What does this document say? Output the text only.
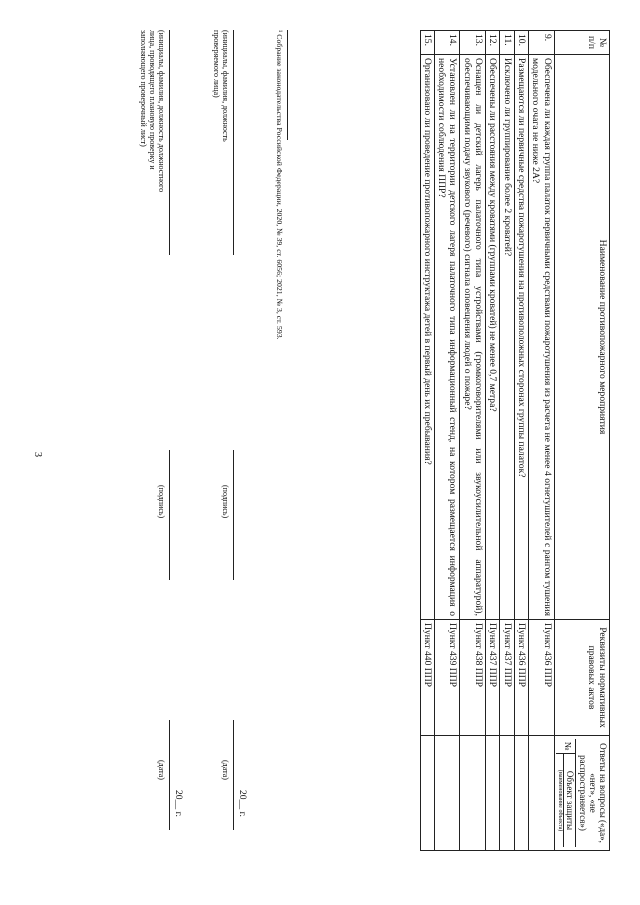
3
№ п/п	Наименование противопожарного мероприятия	Реквизиты нормативных правовых актов	Ответы на вопросы («да», «нет», «не распространяется»)
№
Объект защиты
(наименование объекта)

9.	Обеспечена ли каждая группа палаток первичными средствами пожаротушения из расчета не менее 4 огнетушителей с рангом тушения модельного очага не ниже 2А?	Пункт 436 ППР	
10.	Размещаются ли первичные средства пожаротушения на противоположных сторонах группы палаток?	Пункт 436 ППР	
11.	Исключено ли группирование более 2 кроватей?	Пункт 437 ППР	
12.	Обеспечены ли расстояния между кроватями (группами кроватей) не менее 0,7 метра?	Пункт 437 ППР	
13.	Оснащен ли детский лагерь палаточного типа устройствами (громкоговорителями или звукоусилительной аппаратурой), обеспечивающими подачу звукового (речевого) сигнала оповещения людей о пожаре?	Пункт 438 ППР	
14.	Установлен ли на территории детского лагеря палаточного типа информационный стенд, на котором размещается информация о необходимости соблюдения ППР?	Пункт 439 ППР	
15.	Организовано ли проведение противопожарного инструктажа детей в первый день их пребывания?	Пункт 440 ППР	
¹ Собрание законодательства Российской Федерации, 2020, № 39, ст. 6056; 2021, № 3, ст. 593.
(инициалы, фамилия, должность проверяемого лица)
(подпись)
(дата)
20__ г.
(инициалы, фамилия, должность должностного лица, проводящего плановую проверку и заполняющего проверочный лист)
(подпись)
(дата)
20__ г.
